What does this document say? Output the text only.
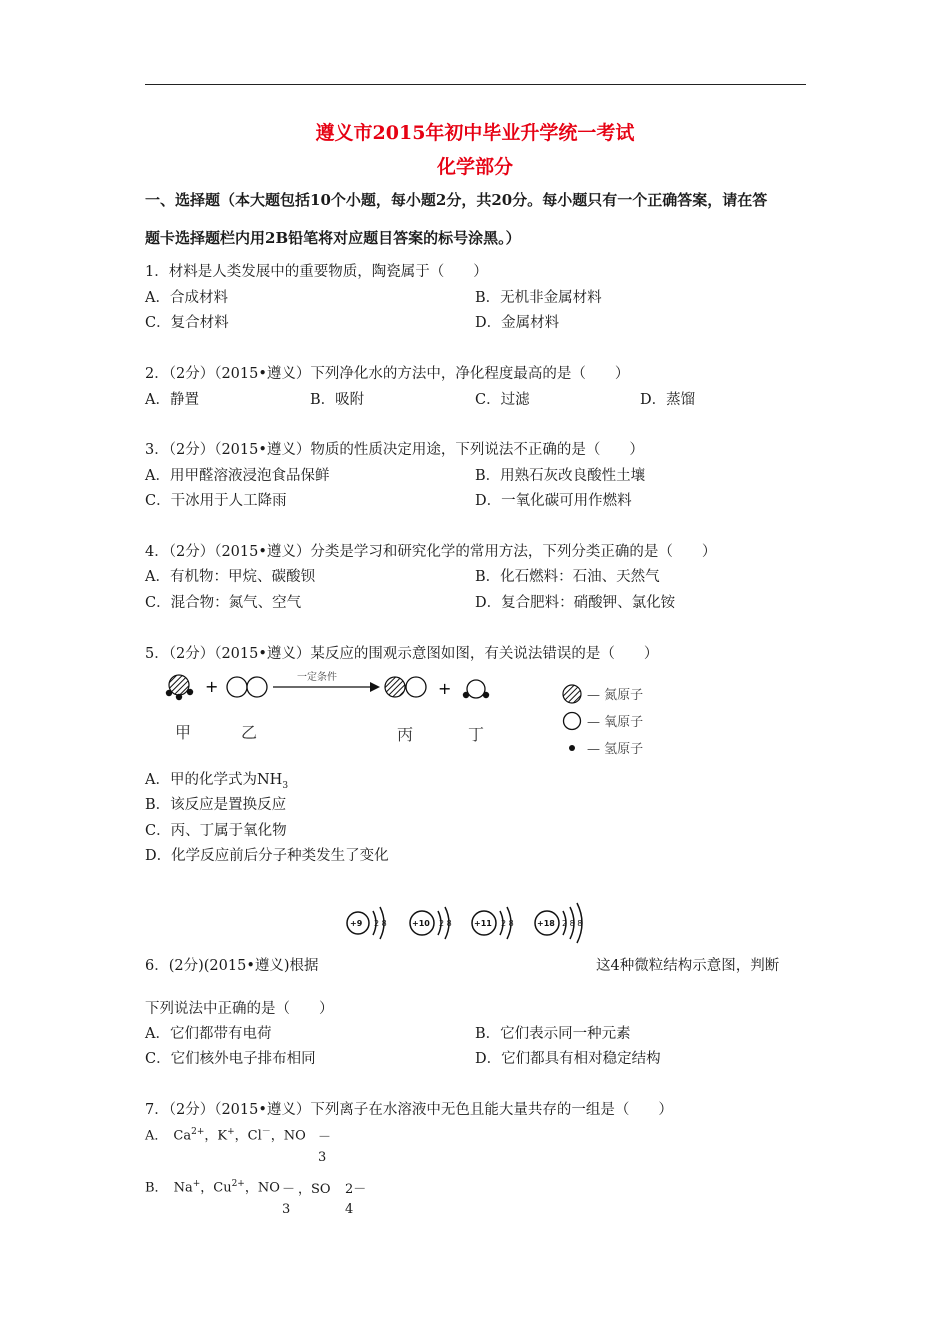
遵义市2015年初中毕业升学统一考试
化学部分
一、选择题（本大题包括10个小题，每小题2分，共20分。每小题只有一个正确答案，请在答
题卡选择题栏内用2B铅笔将对应题目答案的标号涂黑。）
1．材料是人类发展中的重要物质，陶瓷属于（　　）
A．合成材料	B．无机非金属材料
C．复合材料	D．金属材料
2．（2分）（2015•遵义）下列净化水的方法中，净化程度最高的是（　　）
A．静置	B．吸附	C．过滤	D．蒸馏
3．（2分）（2015•遵义）物质的性质决定用途，下列说法不正确的是（　　）
A．用甲醛溶液浸泡食品保鲜	B．用熟石灰改良酸性土壤
C．干冰用于人工降雨	D．一氧化碳可用作燃料
4．（2分）（2015•遵义）分类是学习和研究化学的常用方法，下列分类正确的是（　　）
A．有机物：甲烷、碳酸钡	B．化石燃料：石油、天然气
C．混合物：氮气、空气	D．复合肥料：硝酸钾、氯化铵
5．（2分）（2015•遵义）某反应的围观示意图如图，有关说法错误的是（　　）
+	一定条件
+
甲	乙	丙	丁
— 氮原子
— 氧原子
— 氢原子
A．甲的化学式为$NH_3$
B．该反应是置换反应
C．丙、丁属于氧化物
D．化学反应前后分子种类发生了变化
+9 2 8	+10 2 8	+11 2 8	+18 2 8 8
6．(2分)(2015•遵义)根据	这4种微粒结构示意图，判断
下列说法中正确的是（　　）
A．它们都带有电荷	B．它们表示同一种元素
C．它们核外电子排布相同	D．它们都具有相对稳定结构
7．（2分）（2015•遵义）下列离子在水溶液中无色且能大量共存的一组是（　　）
A． $Ca^{2+}$，K+，Cl－，NO －
3
B． Na+，$Cu^{2+}$，NO － ，SO 2－
3	4
